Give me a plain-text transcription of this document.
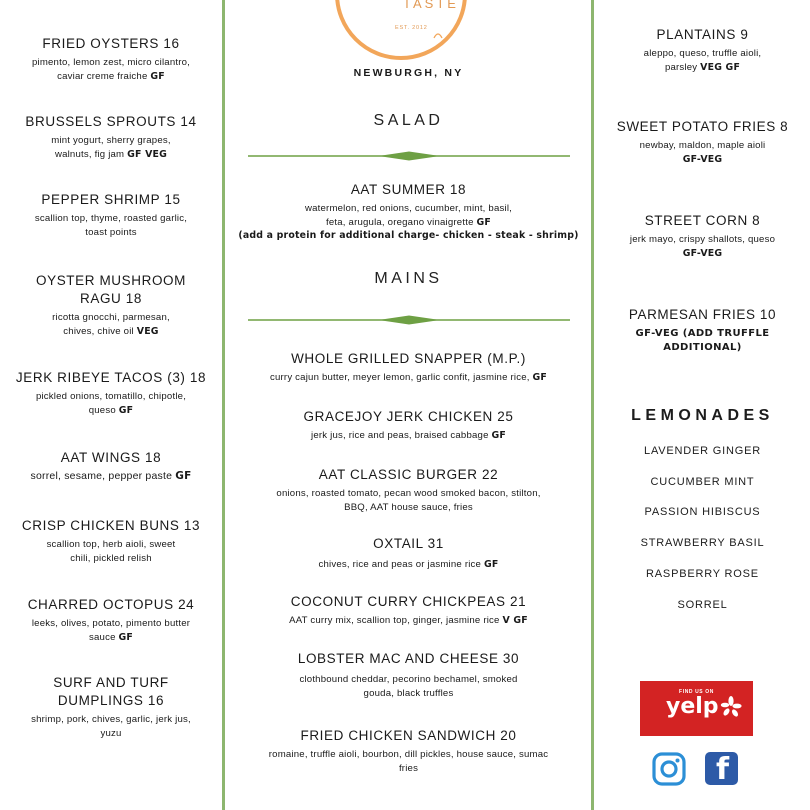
FRIED OYSTERS 16
pimento, lemon zest, micro cilantro,
caviar creme fraiche GF
BRUSSELS SPROUTS 14
mint yogurt, sherry grapes,
walnuts, fig jam GF VEG
PEPPER SHRIMP 15
scallion top, thyme, roasted garlic,
toast points
OYSTER MUSHROOM
RAGU 18
ricotta gnocchi, parmesan,
chives, chive oil VEG
JERK RIBEYE TACOS (3) 18
pickled onions, tomatillo, chipotle,
queso GF
AAT WINGS 18
sorrel, sesame, pepper paste GF
CRISP CHICKEN BUNS 13
scallion top, herb aioli, sweet
chili, pickled relish
CHARRED OCTOPUS 24
leeks, olives, potato, pimento butter
sauce GF
SURF AND TURF
DUMPLINGS 16
shrimp, pork, chives, garlic, jerk jus,
yuzu
TASTE
EST. 2012
NEWBURGH, NY
SALAD
AAT SUMMER 18
watermelon, red onions, cucumber, mint, basil,
feta, arugula, oregano vinaigrette GF
(add a protein for additional charge- chicken - steak - shrimp)
MAINS
WHOLE GRILLED SNAPPER (M.P.)
curry cajun butter, meyer lemon, garlic confit, jasmine rice, GF
GRACEJOY JERK CHICKEN 25
jerk jus, rice and peas, braised cabbage GF
AAT CLASSIC BURGER 22
onions, roasted tomato, pecan wood smoked bacon, stilton,
BBQ, AAT house sauce, fries
OXTAIL 31
chives, rice and peas or jasmine rice GF
COCONUT CURRY CHICKPEAS 21
AAT curry mix, scallion top, ginger, jasmine rice V GF
LOBSTER MAC AND CHEESE 30
clothbound cheddar, pecorino bechamel, smoked
gouda, black truffles
FRIED CHICKEN SANDWICH 20
romaine, truffle aioli, bourbon, dill pickles, house sauce, sumac
fries
PLANTAINS 9
aleppo, queso, truffle aioli,
parsley VEG GF
SWEET POTATO FRIES 8
newbay, maldon, maple aioli
GF-VEG
STREET CORN 8
jerk mayo, crispy shallots, queso
GF-VEG
PARMESAN FRIES 10
GF-VEG (ADD TRUFFLE ADDITIONAL)
LEMONADES
LAVENDER GINGER
CUCUMBER MINT
PASSION HIBISCUS
STRAWBERRY BASIL
RASPBERRY ROSE
SORREL
FIND US ON
yelp
f
